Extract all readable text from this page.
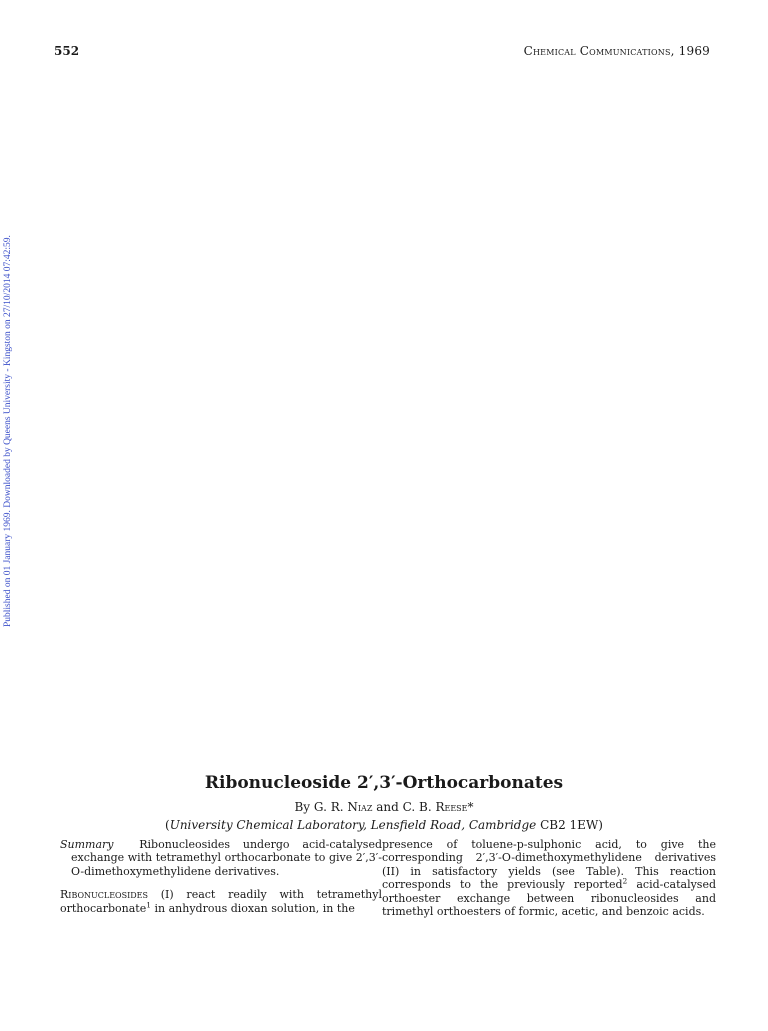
552	Chemical Communications, 1969
Published on 01 January 1969. Downloaded by Queens University - Kingston on 27/10/2014 07:42:59.
Ribonucleoside 2′,3′-Orthocarbonates
By G. R. Niaz and C. B. Reese*
(University Chemical Laboratory, Lensfield Road, Cambridge CB2 1EW)

Summary Ribonucleosides undergo acid-catalysed exchange with tetramethyl orthocarbonate to give 2′,3′-O-dimethoxymethylidene derivatives.

Ribonucleosides (I) react readily with tetramethyl orthocarbonate$^1$ in anhydrous dioxan solution, in the

presence of toluene-p-sulphonic acid, to give the corresponding 2′,3′-O-dimethoxymethylidene derivatives (II) in satisfactory yields (see Table). This reaction corresponds to the previously reported$^2$ acid-catalysed orthoester exchange between ribonucleosides and trimethyl orthoesters of formic, acetic, and benzoic acids.
